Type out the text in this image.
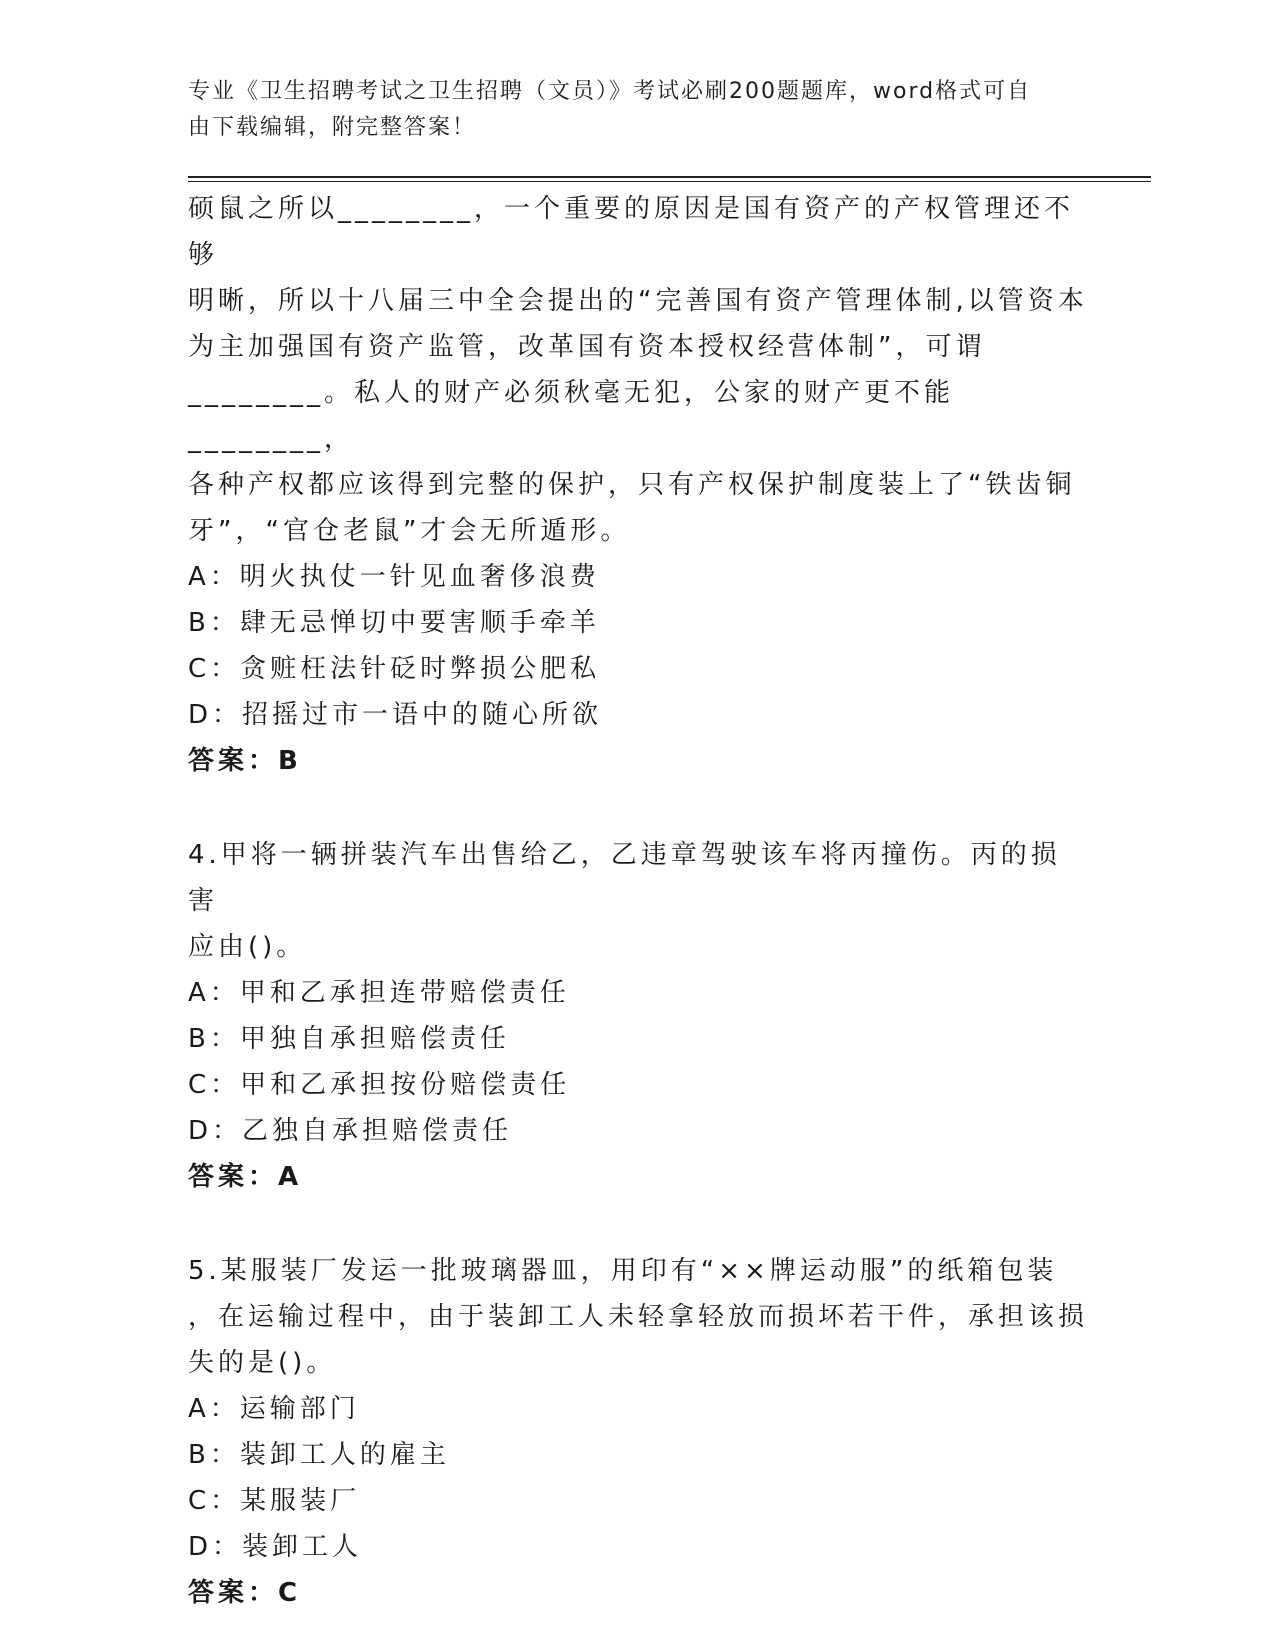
专业《卫生招聘考试之卫生招聘（文员）》考试必刷200题题库，word格式可自
由下载编辑，附完整答案！

硕鼠之所以________，一个重要的原因是国有资产的产权管理还不够

明晰，所以十八届三中全会提出的“完善国有资产管理体制,以管资本

为主加强国有资产监管，改革国有资本授权经营体制”，可谓

________。私人的财产必须秋毫无犯，公家的财产更不能________，

各种产权都应该得到完整的保护，只有产权保护制度装上了“铁齿铜

牙”，“官仓老鼠”才会无所遁形。

A：明火执仗一针见血奢侈浪费

B：肆无忌惮切中要害顺手牵羊

C：贪赃枉法针砭时弊损公肥私

D：招摇过市一语中的随心所欲

答案：B

4.甲将一辆拼装汽车出售给乙，乙违章驾驶该车将丙撞伤。丙的损害

应由()。

A：甲和乙承担连带赔偿责任

B：甲独自承担赔偿责任

C：甲和乙承担按份赔偿责任

D：乙独自承担赔偿责任

答案：A

5.某服装厂发运一批玻璃器皿，用印有“××牌运动服”的纸箱包装

，在运输过程中，由于装卸工人未轻拿轻放而损坏若干件，承担该损

失的是()。

A：运输部门

B：装卸工人的雇主

C：某服装厂

D：装卸工人

答案：C
